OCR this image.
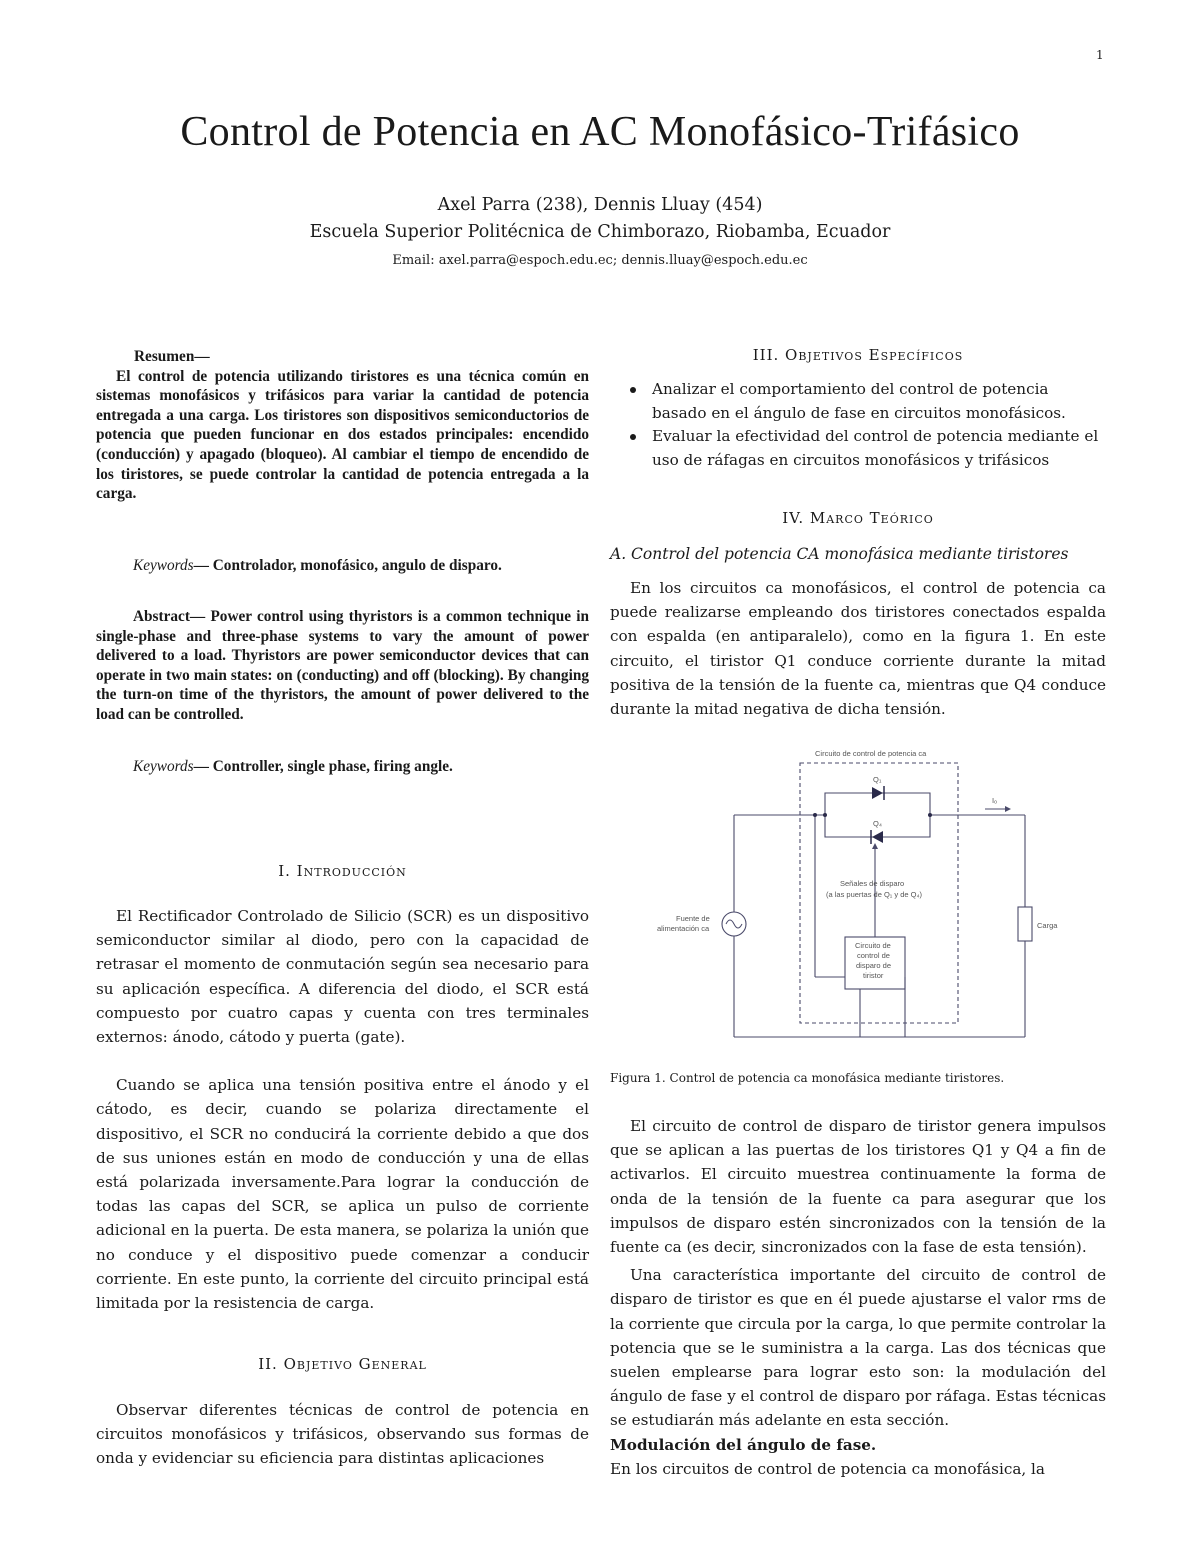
1
Control de Potencia en AC Monofásico-Trifásico
Axel Parra (238), Dennis Lluay (454)
Escuela Superior Politécnica de Chimborazo, Riobamba, Ecuador
Email: axel.parra@espoch.edu.ec; dennis.lluay@espoch.edu.ec
Resumen—

El control de potencia utilizando tiristores es una técnica común en sistemas monofásicos y trifásicos para variar la cantidad de potencia entregada a una carga. Los tiristores son dispositivos semiconductorios de potencia que pueden funcionar en dos estados principales: encendido (conducción) y apagado (bloqueo). Al cambiar el tiempo de encendido de los tiristores, se puede controlar la cantidad de potencia entregada a la carga.

Keywords— Controlador, monofásico, angulo de disparo.

Abstract— Power control using thyristors is a common technique in single-phase and three-phase systems to vary the amount of power delivered to a load. Thyristors are power semiconductor devices that can operate in two main states: on (conducting) and off (blocking). By changing the turn-on time of the thyristors, the amount of power delivered to the load can be controlled.

Keywords— Controller, single phase, firing angle.
I. Introducción

El Rectificador Controlado de Silicio (SCR) es un dispositivo semiconductor similar al diodo, pero con la capacidad de retrasar el momento de conmutación según sea necesario para su aplicación específica. A diferencia del diodo, el SCR está compuesto por cuatro capas y cuenta con tres terminales externos: ánodo, cátodo y puerta (gate).

Cuando se aplica una tensión positiva entre el ánodo y el cátodo, es decir, cuando se polariza directamente el dispositivo, el SCR no conducirá la corriente debido a que dos de sus uniones están en modo de conducción y una de ellas está polarizada inversamente.Para lograr la conducción de todas las capas del SCR, se aplica un pulso de corriente adicional en la puerta. De esta manera, se polariza la unión que no conduce y el dispositivo puede comenzar a conducir corriente. En este punto, la corriente del circuito principal está limitada por la resistencia de carga.

II. Objetivo General

Observar diferentes técnicas de control de potencia en circuitos monofásicos y trifásicos, observando sus formas de onda y evidenciar su eficiencia para distintas aplicaciones

III. Objetivos Específicos
Analizar el comportamiento del control de potencia basado en el ángulo de fase en circuitos monofásicos.
Evaluar la efectividad del control de potencia mediante el uso de ráfagas en circuitos monofásicos y trifásicos
IV. Marco Teórico
A. Control del potencia CA monofásica mediante tiristores

En los circuitos ca monofásicos, el control de potencia ca puede realizarse empleando dos tiristores conectados espalda con espalda (en antiparalelo), como en la figura 1. En este circuito, el tiristor Q1 conduce corriente durante la mitad positiva de la tensión de la fuente ca, mientras que Q4 conduce durante la mitad negativa de dicha tensión.

Circuito de control de potencia ca
Q₁
Q₄
Iₒ
Señales de disparo
(a las puertas de Q₁ y de Q₄)
Fuente de
alimentación ca
Circuito de
control de
disparo de
tiristor
Carga
Figura 1. Control de potencia ca monofásica mediante tiristores.

El circuito de control de disparo de tiristor genera impulsos que se aplican a las puertas de los tiristores Q1 y Q4 a fin de activarlos. El circuito muestrea continuamente la forma de onda de la tensión de la fuente ca para asegurar que los impulsos de disparo estén sincronizados con la tensión de la fuente ca (es decir, sincronizados con la fase de esta tensión).

Una característica importante del circuito de control de disparo de tiristor es que en él puede ajustarse el valor rms de la corriente que circula por la carga, lo que permite controlar la potencia que se le suministra a la carga. Las dos técnicas que suelen emplearse para lograr esto son: la modulación del ángulo de fase y el control de disparo por ráfaga. Estas técnicas se estudiarán más adelante en esta sección.

Modulación del ángulo de fase.
En los circuitos de control de potencia ca monofásica, la
